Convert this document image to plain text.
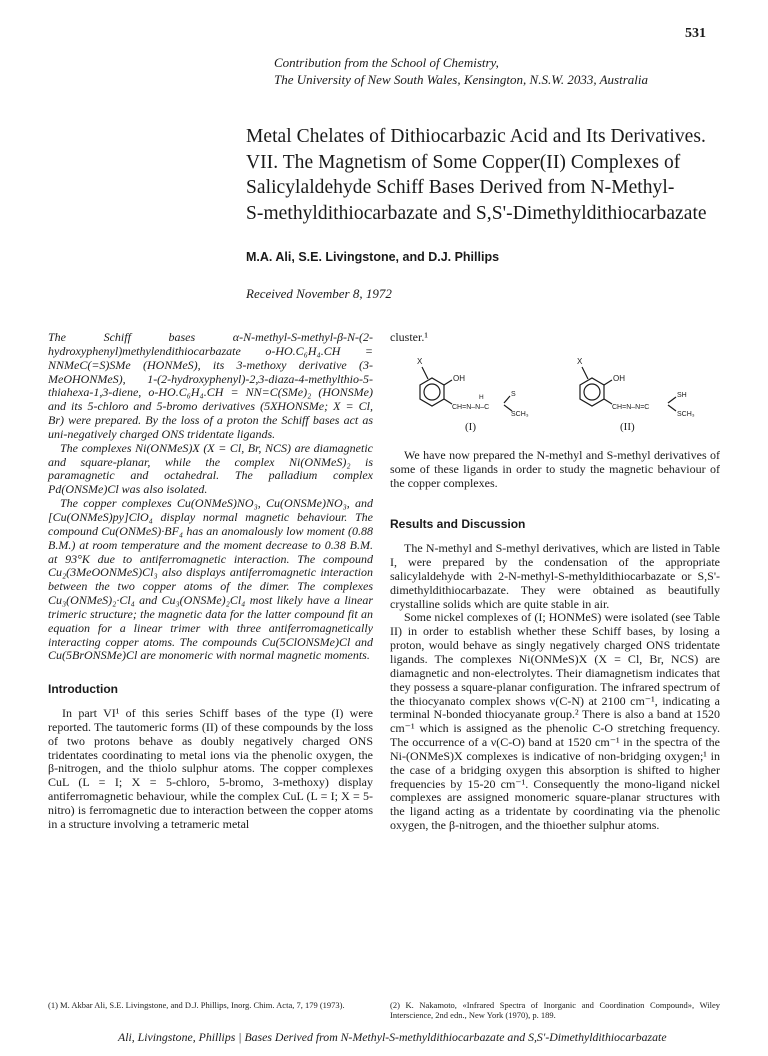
531
Contribution from the School of Chemistry,
The University of New South Wales, Kensington, N.S.W. 2033, Australia
Metal Chelates of Dithiocarbazic Acid and Its Derivatives.
VII. The Magnetism of Some Copper(II) Complexes of
Salicylaldehyde Schiff Bases Derived from N-Methyl-
S-methyldithiocarbazate and S,S'-Dimethyldithiocarbazate
M.A. Ali, S.E. Livingstone, and D.J. Phillips
Received November 8, 1972

The Schiff bases α-N-methyl-S-methyl-β-N-(2-hydroxyphenyl)methylendithiocarbazate o-HO.C₆H₄.CH = NNMeC(=S)SMe (HONMeS), its 3-methoxy derivative (3-MeOHONMeS), 1-(2-hydroxyphenyl)-2,3-diaza-4-methylthio-5-thiahexa-1,3-diene, o-HO.C₆H₄.CH = NN=C(SMe)₂ (HONSMe) and its 5-chloro and 5-bromo derivatives (5XHONSMe; X = Cl, Br) were prepared. By the loss of a proton the Schiff bases act as uni-negatively charged ONS tridentate ligands.

The complexes Ni(ONMeS)X (X = Cl, Br, NCS) are diamagnetic and square-planar, while the complex Ni(ONMeS)₂ is paramagnetic and octahedral. The palladium complex Pd(ONSMe)Cl was also isolated.

The copper complexes Cu(ONMeS)NO₃, Cu(ONSMe)NO₃, and [Cu(ONMeS)py]ClO₄ display normal magnetic behaviour. The compound Cu(ONMeS)·BF₄ has an anomalously low moment (0.88 B.M.) at room temperature and the moment decrease to 0.38 B.M. at 93°K due to antiferromagnetic interaction. The compound Cu₂(3MeOONMeS)Cl₃ also displays antiferromagnetic interaction between the two copper atoms of the dimer. The complexes Cu₃(ONMeS)₂·Cl₄ and Cu₃(ONSMe)₂Cl₄ most likely have a linear trimeric structure; the magnetic data for the latter compound fit an equation for a linear trimer with three antiferromagnetically interacting copper atoms. The compounds Cu(5ClONSMe)Cl and Cu(5BrONSMe)Cl are monomeric with normal magnetic moments.

Introduction

In part VI¹ of this series Schiff bases of the type (I) were reported. The tautomeric forms (II) of these compounds by the loss of two protons behave as doubly negatively charged ONS tridentates coordinating to metal ions via the phenolic oxygen, the β-nitrogen, and the thiolo sulphur atoms. The copper complexes CuL (L = I; X = 5-chloro, 5-bromo, 3-methoxy) display antiferromagnetic behaviour, while the complex CuL (L = I; X = 5-nitro) is ferromagnetic due to interaction between the copper atoms in a structure involving a tetrameric metal

cluster.¹

X
OH
H
CH=N–N–C
S
SCH₃
X
OH
CH=N–N=C
SH
SCH₃
(I)	(II)

We have now prepared the N-methyl and S-methyl derivatives of some of these ligands in order to study the magnetic behaviour of the copper complexes.

Results and Discussion

The N-methyl and S-methyl derivatives, which are listed in Table I, were prepared by the condensation of the appropriate salicylaldehyde with 2-N-methyl-S-methyldithiocarbazate or S,S'-dimethyldithiocarbazate. They were obtained as beautifully crystalline solids which are quite stable in air.

Some nickel complexes of (I; HONMeS) were isolated (see Table II) in order to establish whether these Schiff bases, by losing a proton, would behave as singly negatively charged ONS tridentate ligands. The complexes Ni(ONMeS)X (X = Cl, Br, NCS) are diamagnetic and non-electrolytes. Their diamagnetism indicates that they possess a square-planar configuration. The infrared spectrum of the thiocyanato complex shows ν(C-N) at 2100 cm⁻¹, indicating a terminal N-bonded thiocyanate group.² There is also a band at 1520 cm⁻¹ which is assigned as the phenolic C-O stretching frequency. The occurrence of a ν(C-O) band at 1520 cm⁻¹ in the spectra of the Ni-(ONMeS)X complexes is indicative of non-bridging oxygen;¹ in the case of a bridging oxygen this absorption is shifted to higher frequencies by 15-20 cm⁻¹. Consequently the mono-ligand nickel complexes are assigned monomeric square-planar structures with the ligand acting as a tridentate by coordinating via the phenolic oxygen, the β-nitrogen, and the thioether sulphur atoms.

(1) M. Akbar Ali, S.E. Livingstone, and D.J. Phillips, Inorg. Chim. Acta, 7, 179 (1973).	(2) K. Nakamoto, «Infrared Spectra of Inorganic and Coordination Compound», Wiley Interscience, 2nd edn., New York (1970), p. 189.
Ali, Livingstone, Phillips | Bases Derived from N-Methyl-S-methyldithiocarbazate and S,S'-Dimethyldithiocarbazate
